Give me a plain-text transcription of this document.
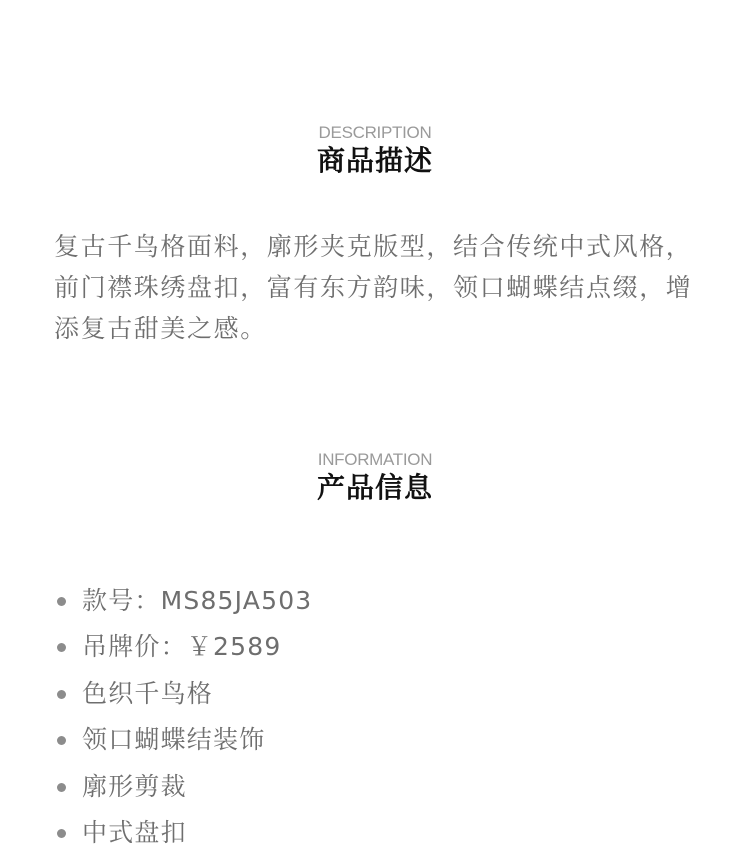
DESCRIPTION
商品描述

复古千鸟格面料，廓形夹克版型，结合传统中式风格，前门襟珠绣盘扣，富有东方韵味，领口蝴蝶结点缀，增添复古甜美之感。

INFORMATION
产品信息
款号：MS85JA503
吊牌价：￥2589
色织千鸟格
领口蝴蝶结装饰
廓形剪裁
中式盘扣
